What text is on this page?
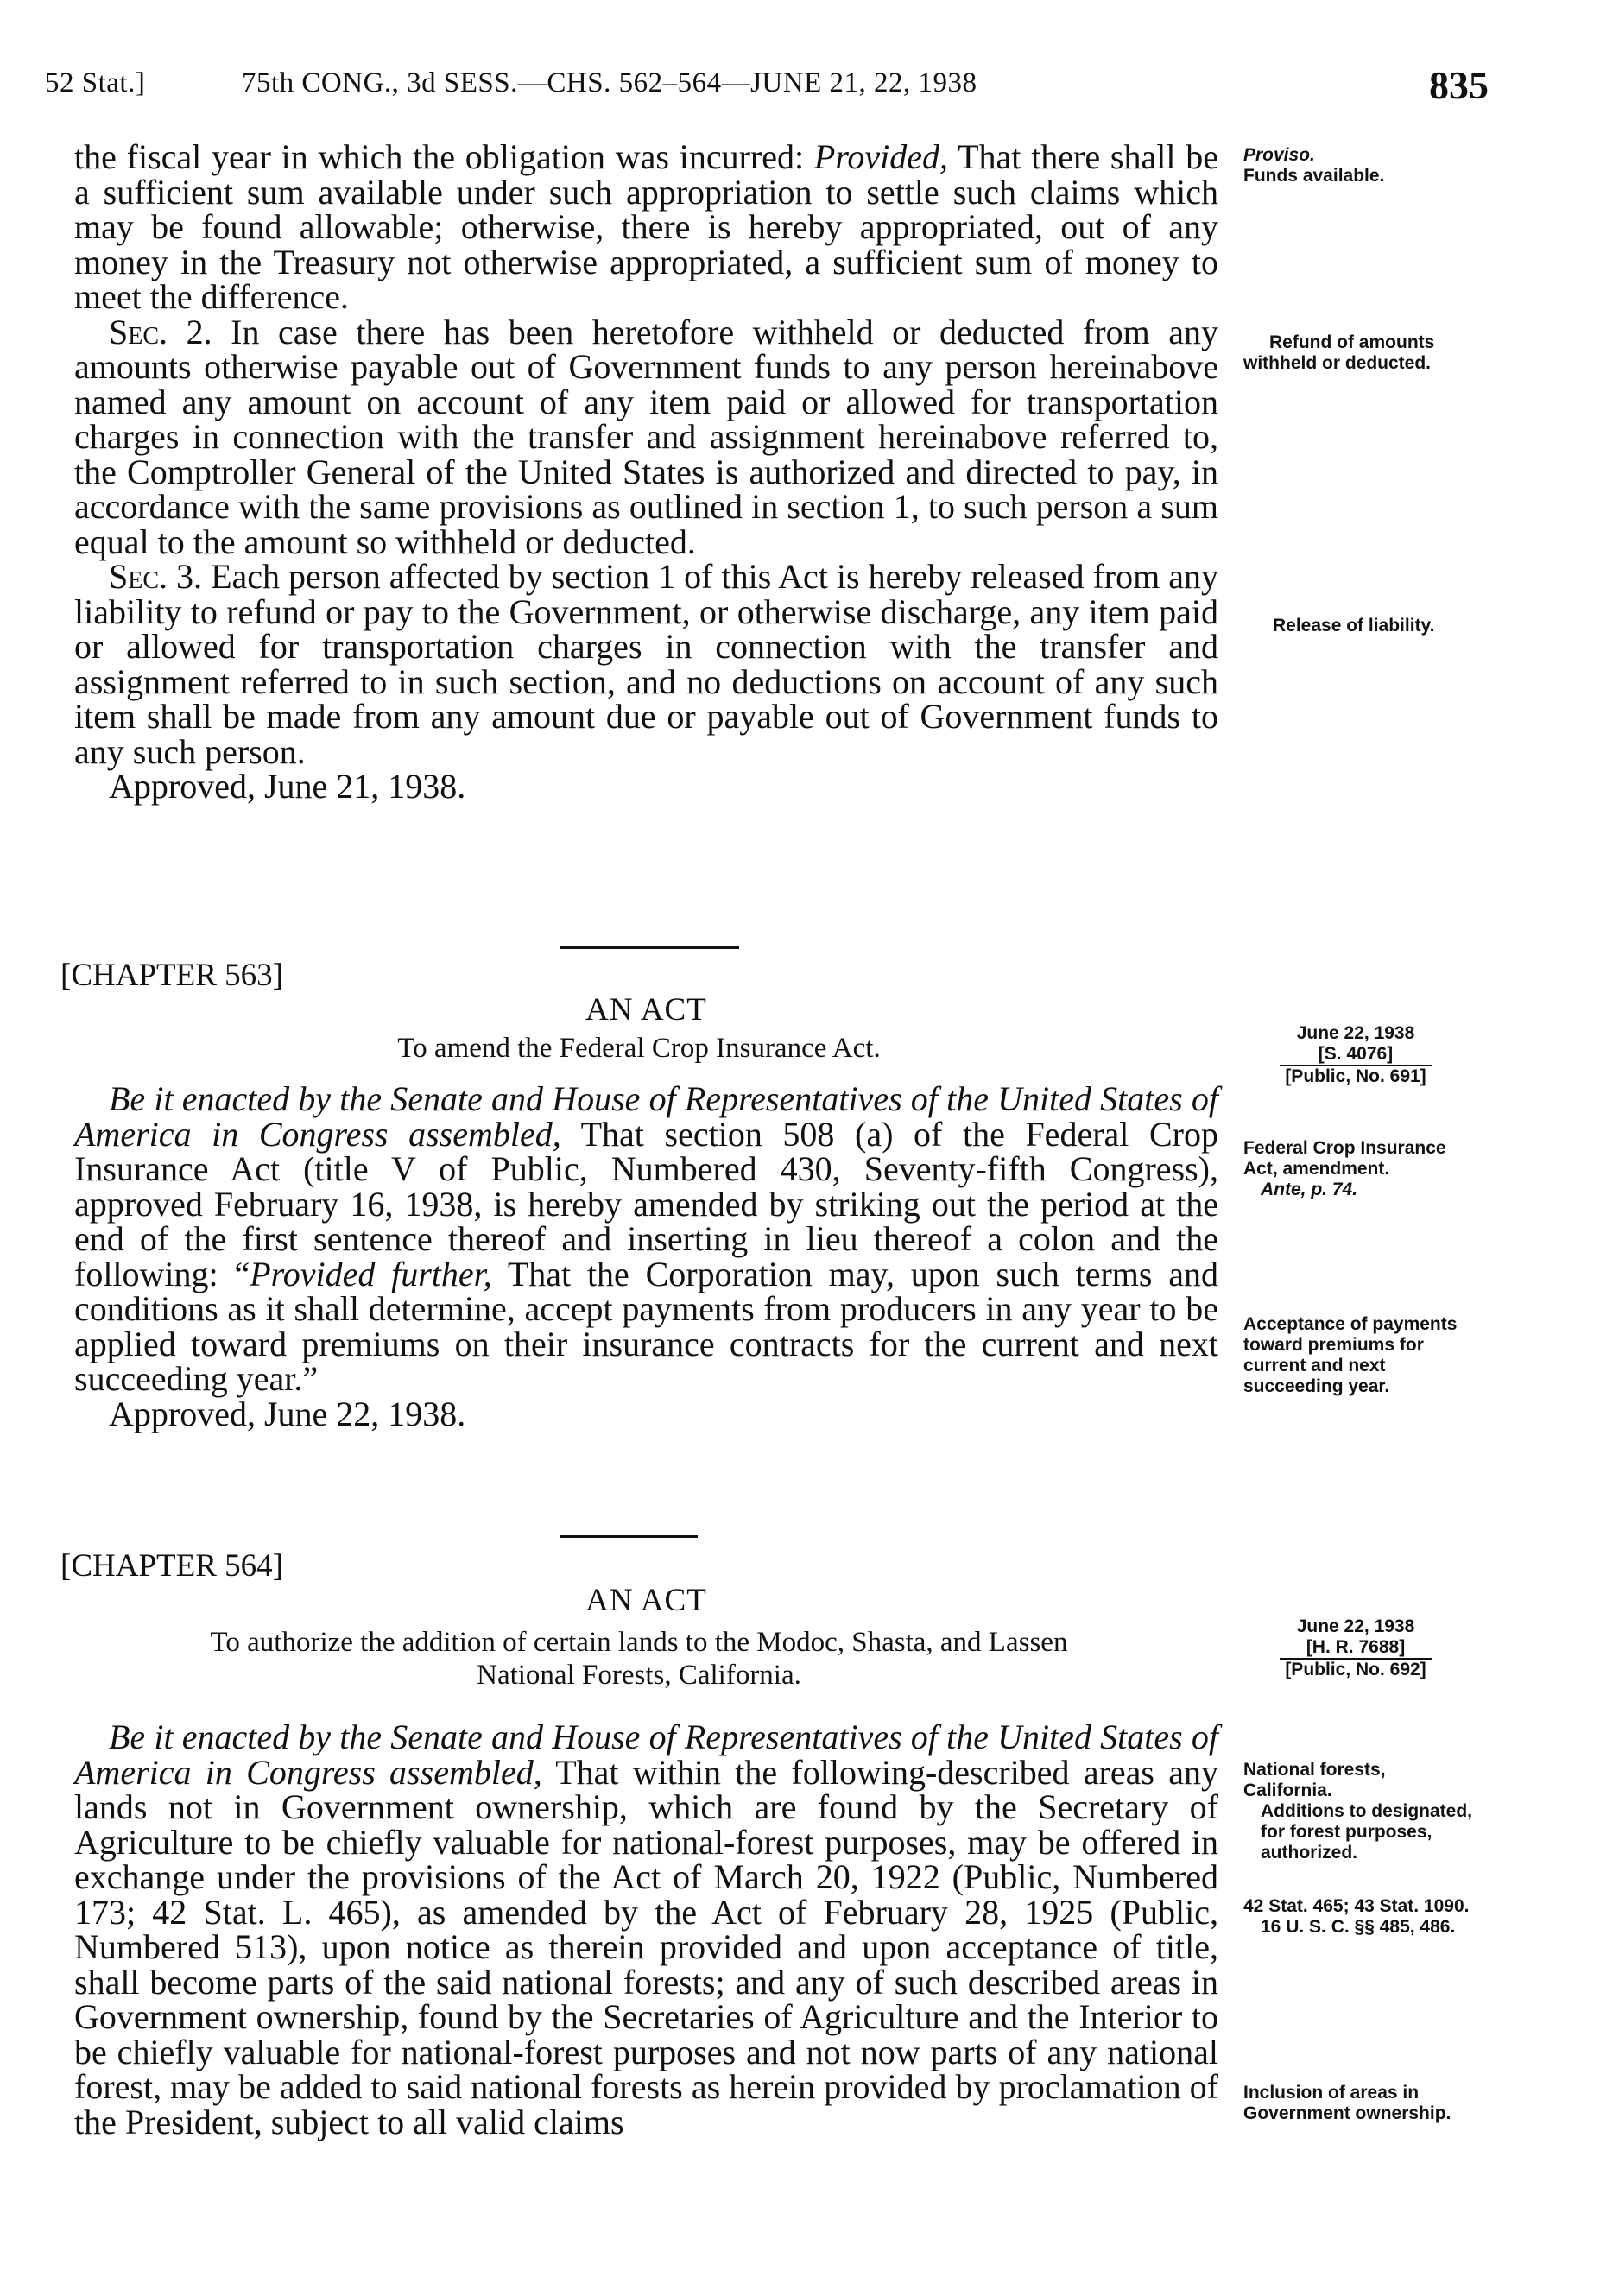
52 Stat.]	75th CONG., 3d SESS.—CHS. 562–564—JUNE 21, 22, 1938	835

the fiscal year in which the obligation was incurred: Provided, That there shall be a sufficient sum available under such appropriation to settle such claims which may be found allowable; otherwise, there is hereby appropriated, out of any money in the Treasury not otherwise appropriated, a sufficient sum of money to meet the difference.

Sec. 2. In case there has been heretofore withheld or deducted from any amounts otherwise payable out of Government funds to any person hereinabove named any amount on account of any item paid or allowed for transportation charges in connection with the transfer and assignment hereinabove referred to, the Comptroller General of the United States is authorized and directed to pay, in accordance with the same provisions as outlined in section 1, to such person a sum equal to the amount so withheld or deducted.

Sec. 3. Each person affected by section 1 of this Act is hereby released from any liability to refund or pay to the Government, or otherwise discharge, any item paid or allowed for transportation charges in connection with the transfer and assignment referred to in such section, and no deductions on account of any such item shall be made from any amount due or payable out of Government funds to any such person.

Approved, June 21, 1938.

[CHAPTER 563]
AN ACT
To amend the Federal Crop Insurance Act.

Be it enacted by the Senate and House of Representatives of the United States of America in Congress assembled, That section 508 (a) of the Federal Crop Insurance Act (title V of Public, Numbered 430, Seventy-fifth Congress), approved February 16, 1938, is hereby amended by striking out the period at the end of the first sentence thereof and inserting in lieu thereof a colon and the following: “Provided further, That the Corporation may, upon such terms and conditions as it shall determine, accept payments from producers in any year to be applied toward premiums on their insurance contracts for the current and next succeeding year.”

Approved, June 22, 1938.

[CHAPTER 564]
AN ACT
To authorize the addition of certain lands to the Modoc, Shasta, and Lassen
National Forests, California.

Be it enacted by the Senate and House of Representatives of the United States of America in Congress assembled, That within the following-described areas any lands not in Government ownership, which are found by the Secretary of Agriculture to be chiefly valuable for national-forest purposes, may be offered in exchange under the provisions of the Act of March 20, 1922 (Public, Numbered 173; 42 Stat. L. 465), as amended by the Act of February 28, 1925 (Public, Numbered 513), upon notice as therein provided and upon acceptance of title, shall become parts of the said national forests; and any of such described areas in Government ownership, found by the Secretaries of Agriculture and the Interior to be chiefly valuable for national-forest purposes and not now parts of any national forest, may be added to said national forests as herein provided by proclamation of the President, subject to all valid claims

Proviso.
Funds available.
Refund of amounts
withheld or deducted.
Release of liability.
June 22, 1938
[S. 4076]
[Public, No. 691]
Federal Crop Insurance Act, amendment.
Ante, p. 74.
Acceptance of payments toward premiums for current and next succeeding year.
June 22, 1938
[H. R. 7688]
[Public, No. 692]
National forests, California.
Additions to designated, for forest purposes, authorized.
42 Stat. 465; 43 Stat. 1090.
16 U. S. C. §§ 485, 486.
Inclusion of areas in Government ownership.
